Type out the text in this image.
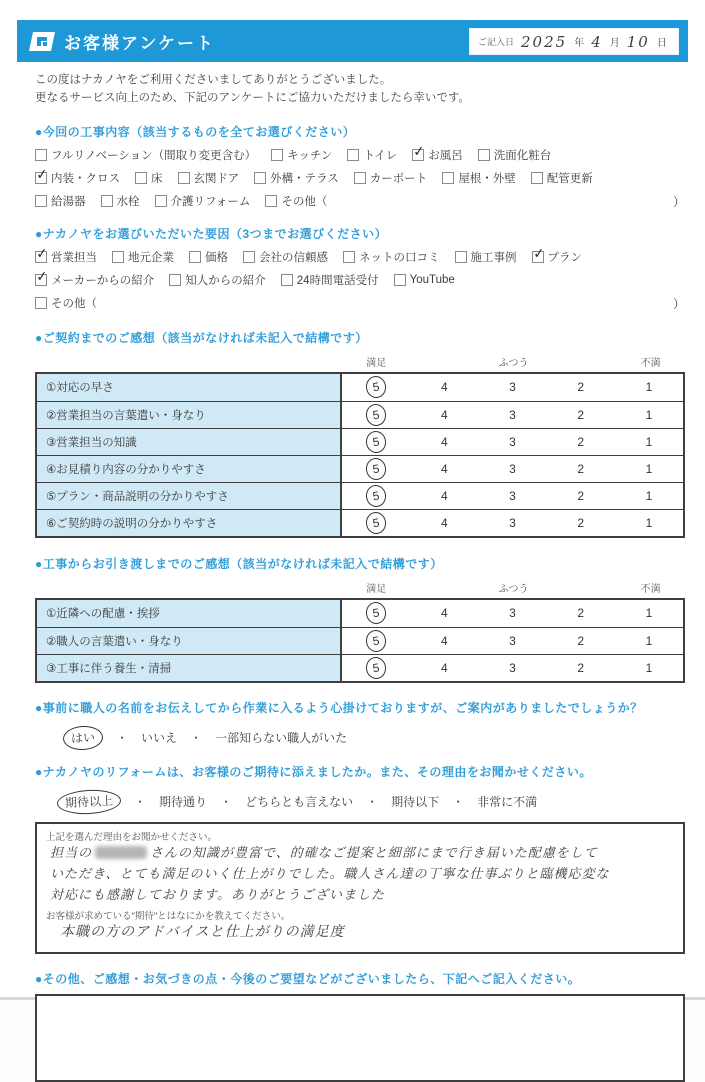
お客様アンケート	ご記入日 2025 年 4 月 10 日
この度はナカノヤをご利用くださいましてありがとうございました。
更なるサービス向上のため、下記のアンケートにご協力いただけましたら幸いです。
●今回の工事内容（該当するものを全てお選びください）
フルリノベーション（間取り変更含む）	キッチン	トイレ ✓ お風呂	洗面化粧台
✓ 内装・クロス	床	玄関ドア	外構・テラス	カーポート	屋根・外壁	配管更新
給湯器	水栓	介護リフォーム	その他（	）
●ナカノヤをお選びいただいた要因（3つまでお選びください）
✓ 営業担当	地元企業	価格	会社の信頼感	ネットの口コミ	施工事例 ✓ プラン
✓ メーカーからの紹介	知人からの紹介	24時間電話受付	YouTube
その他（	）
●ご契約までのご感想（該当がなければ未記入で結構です）
満足	ふつう	不満
①対応の早さ	5	4	3	2	1
②営業担当の言葉遣い・身なり	5	4	3	2	1
③営業担当の知識	5	4	3	2	1
④お見積り内容の分かりやすさ	5	4	3	2	1
⑤プラン・商品説明の分かりやすさ	5	4	3	2	1
⑥ご契約時の説明の分かりやすさ	5	4	3	2	1
●工事からお引き渡しまでのご感想（該当がなければ未記入で結構です）
満足	ふつう	不満
①近隣への配慮・挨拶	5	4	3	2	1
②職人の言葉遣い・身なり	5	4	3	2	1
③工事に伴う養生・清掃	5	4	3	2	1
●事前に職人の名前をお伝えしてから作業に入るよう心掛けておりますが、ご案内がありましたでしょうか？
はい	・ いいえ ・ 一部知らない職人がいた
●ナカノヤのリフォームは、お客様のご期待に添えましたか。また、その理由をお聞かせください。
期待以上	・ 期待通り ・ どちらとも言えない ・ 期待以下 ・ 非常に不満
上記を選んだ理由をお聞かせください。
担当の	さんの知識が豊富で、的確なご提案と細部にまで行き届いた配慮をして
いただき、とても満足のいく仕上がりでした。職人さん達の丁寧な仕事ぶりと臨機応変な
対応にも感謝しております。ありがとうございました
お客様が求めている"期待"とはなにかを教えてください。
本職の方のアドバイスと仕上がりの満足度
●その他、ご感想・お気づきの点・今後のご要望などがございましたら、下記へご記入ください。
